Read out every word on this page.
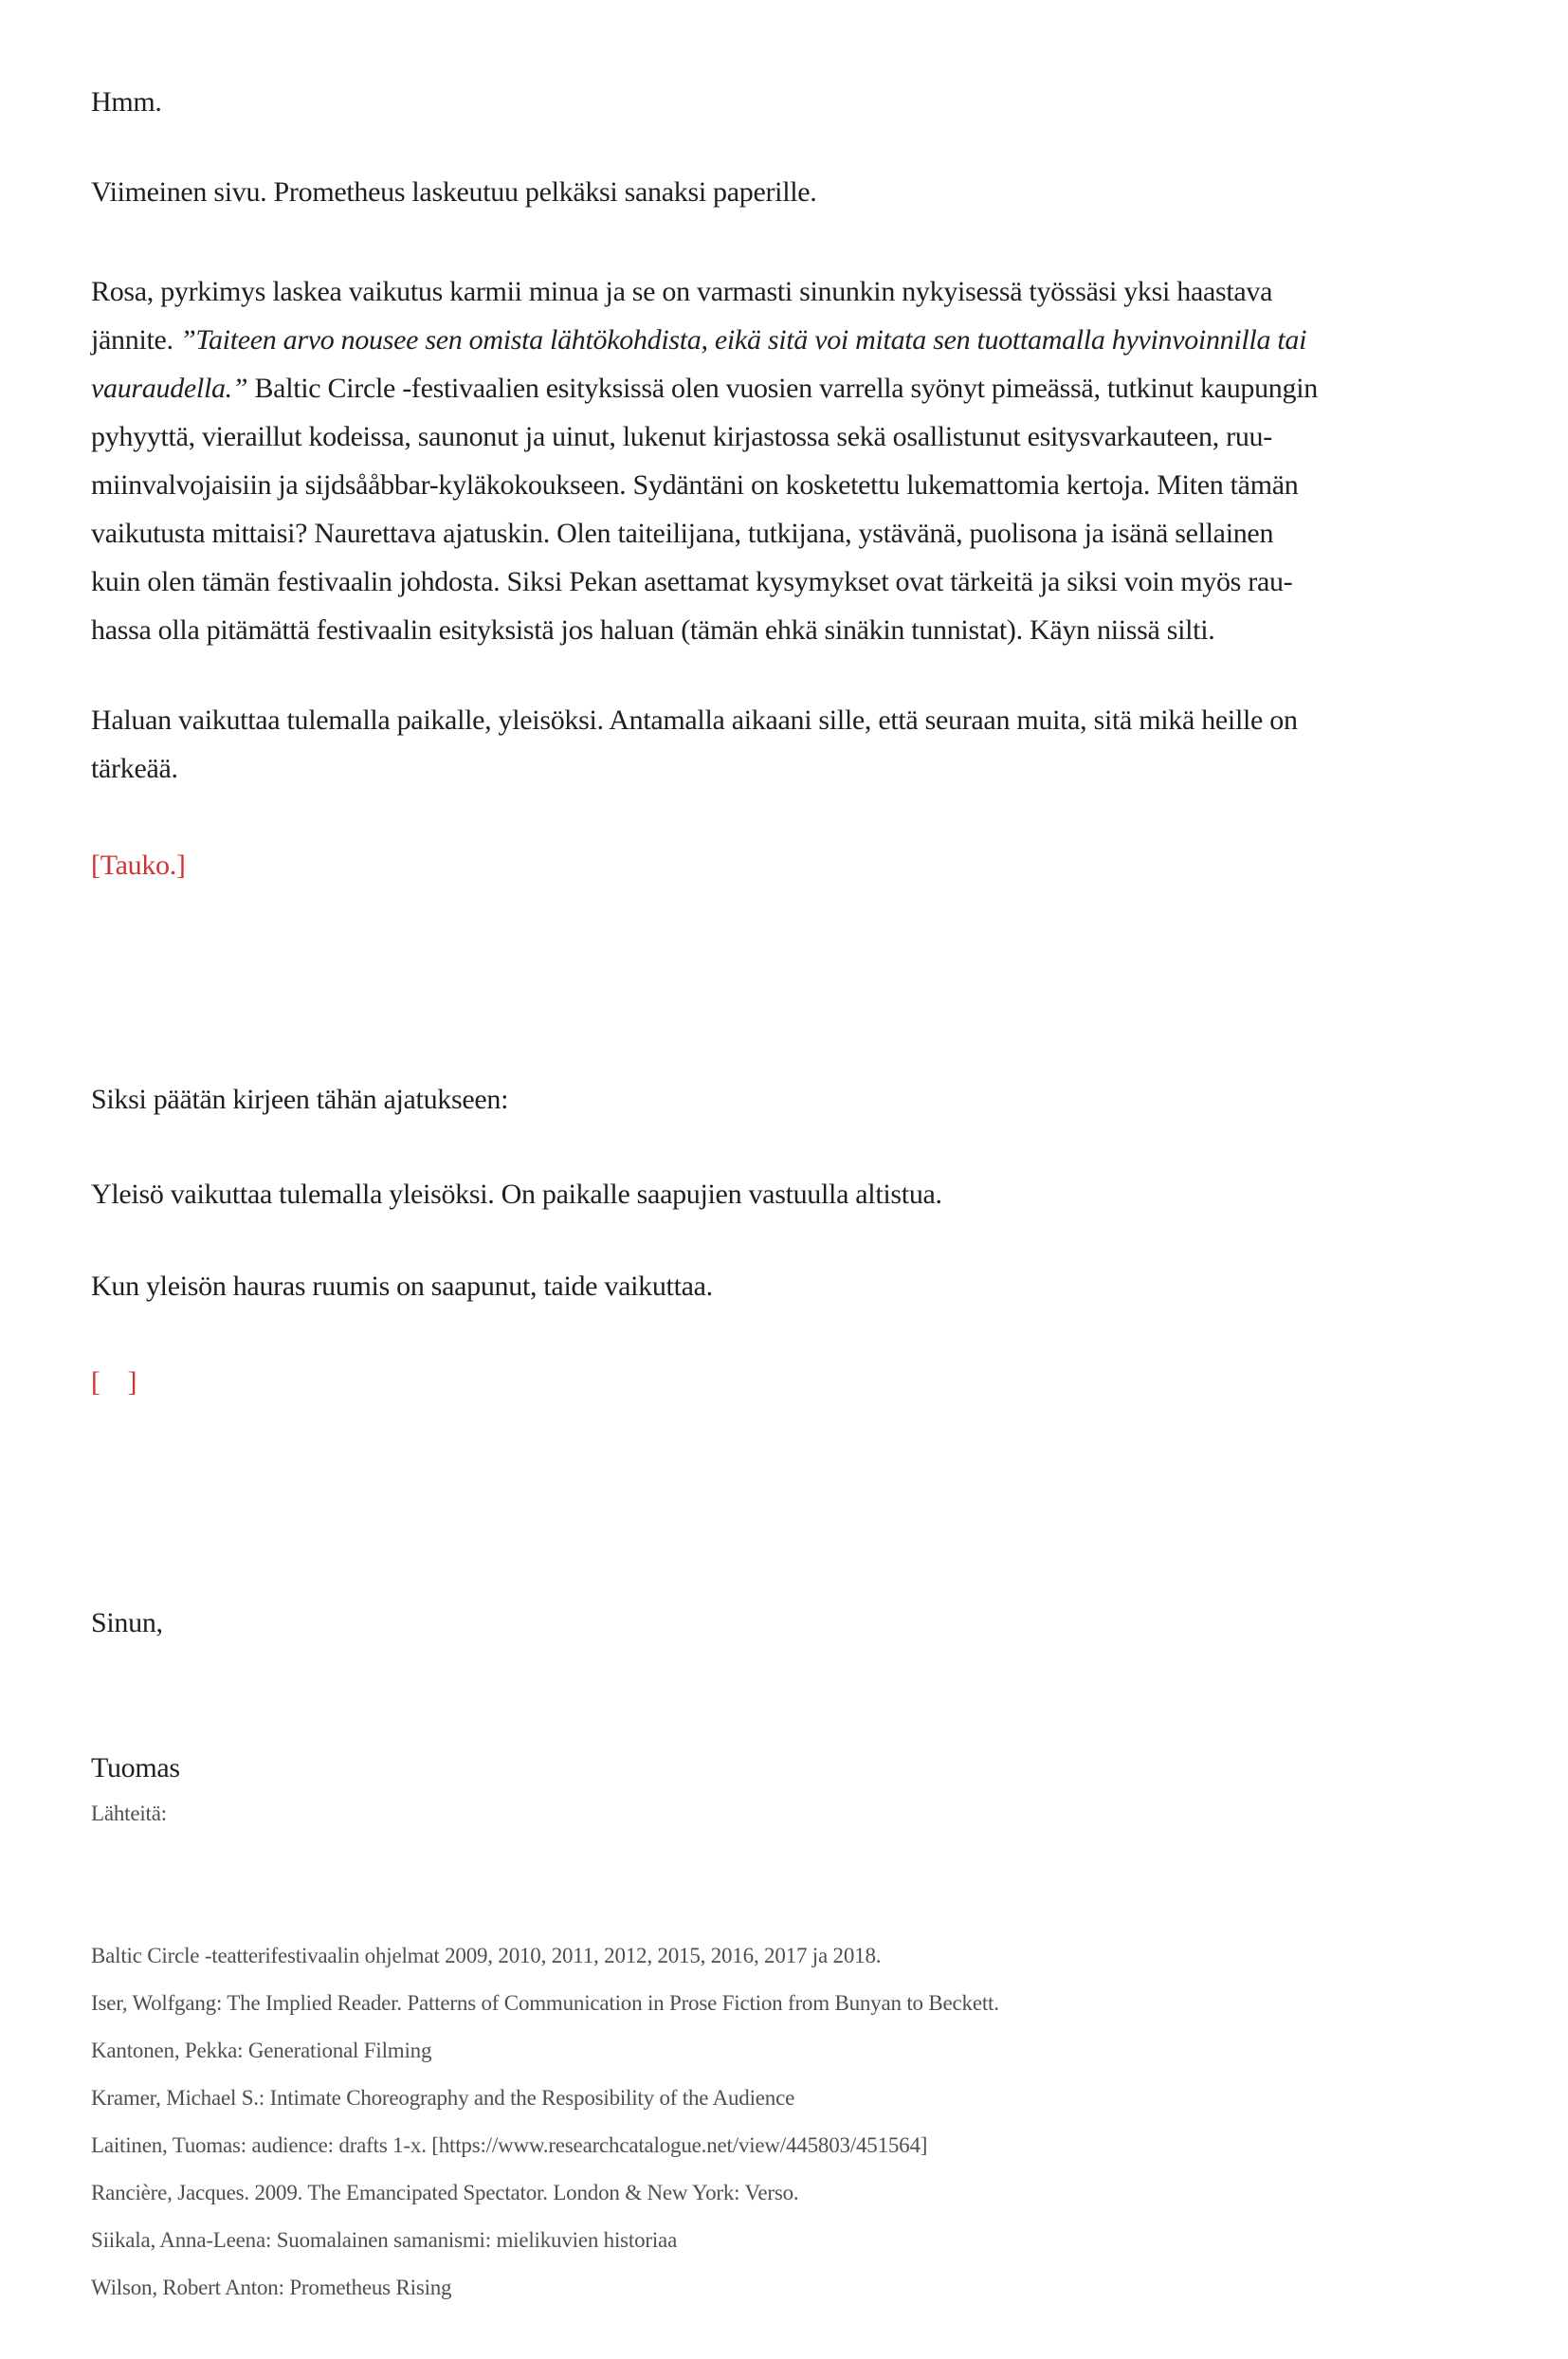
Hmm.
Viimeinen sivu. Prometheus laskeutuu pelkäksi sanaksi paperille.
Rosa, pyrkimys laskea vaikutus karmii minua ja se on varmasti sinunkin nykyisessä työssäsi yksi haastava
jännite. ”Taiteen arvo nousee sen omista lähtökohdista, eikä sitä voi mitata sen tuottamalla hyvinvoinnilla tai
vauraudella.” Baltic Circle -festivaalien esityksissä olen vuosien varrella syönyt pimeässä, tutkinut kaupungin
pyhyyttä, vieraillut kodeissa, saunonut ja uinut, lukenut kirjastossa sekä osallistunut esitysvarkauteen, ruu-
miinvalvojaisiin ja sijdsååbbar-kyläkokoukseen. Sydäntäni on kosketettu lukemattomia kertoja. Miten tämän
vaikutusta mittaisi? Naurettava ajatuskin. Olen taiteilijana, tutkijana, ystävänä, puolisona ja isänä sellainen
kuin olen tämän festivaalin johdosta. Siksi Pekan asettamat kysymykset ovat tärkeitä ja siksi voin myös rau-
hassa olla pitämättä festivaalin esityksistä jos haluan (tämän ehkä sinäkin tunnistat). Käyn niissä silti.
Haluan vaikuttaa tulemalla paikalle, yleisöksi. Antamalla aikaani sille, että seuraan muita, sitä mikä heille on
tärkeää.
[Tauko.]
Siksi päätän kirjeen tähän ajatukseen:
Yleisö vaikuttaa tulemalla yleisöksi. On paikalle saapujien vastuulla altistua.
Kun yleisön hauras ruumis on saapunut, taide vaikuttaa.
[    ]

Sinun,

Tuomas

Lähteitä:

Baltic Circle -teatterifestivaalin ohjelmat 2009, 2010, 2011, 2012, 2015, 2016, 2017 ja 2018.
Iser, Wolfgang: The Implied Reader. Patterns of Communication in Prose Fiction from Bunyan to Beckett.
Kantonen, Pekka: Generational Filming
Kramer, Michael S.: Intimate Choreography and the Resposibility of the Audience
Laitinen, Tuomas: audience: drafts 1-x. [https://www.researchcatalogue.net/view/445803/451564]
Rancière, Jacques. 2009. The Emancipated Spectator. London & New York: Verso.
Siikala, Anna-Leena: Suomalainen samanismi: mielikuvien historiaa
Wilson, Robert Anton: Prometheus Rising
